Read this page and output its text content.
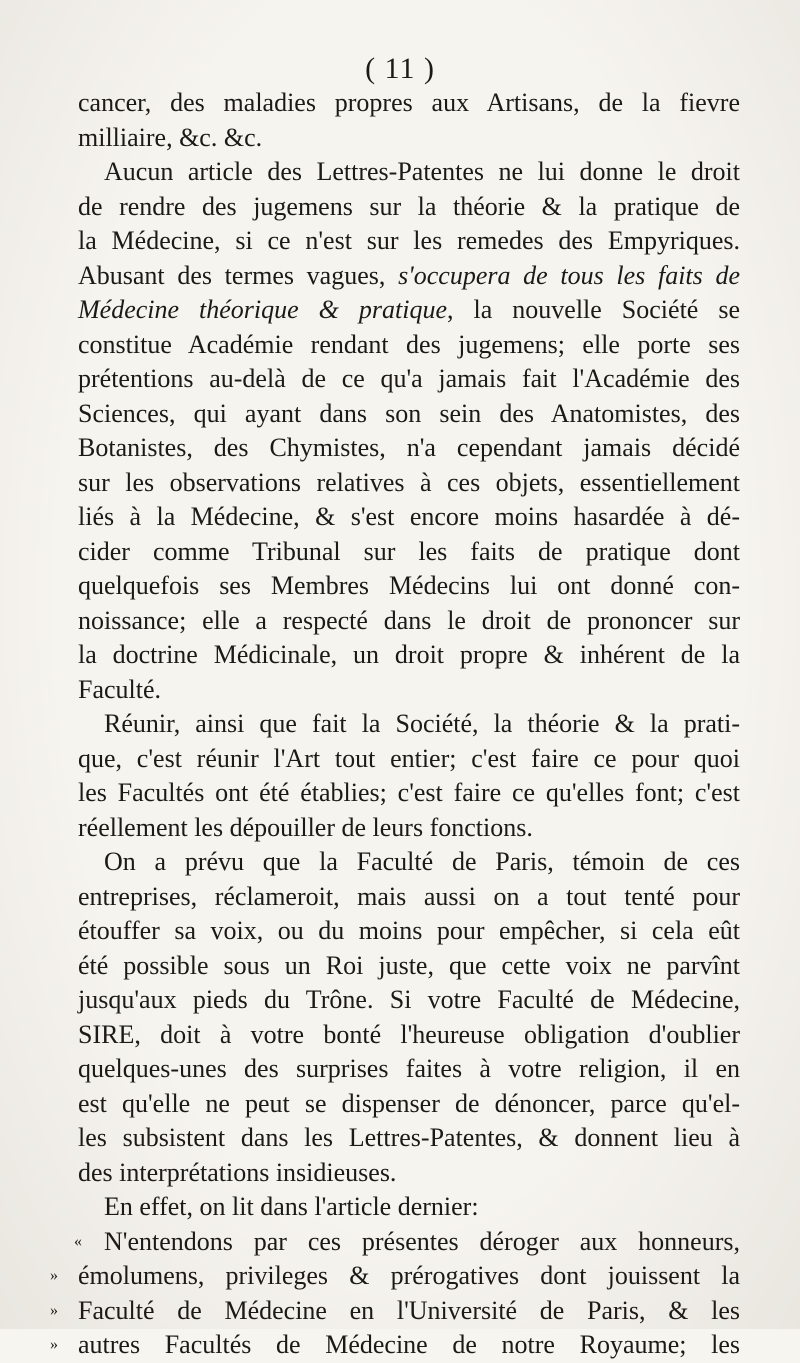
( 11 )
cancer, des maladies propres aux Artisans, de la fievre
milliaire, &c. &c.
Aucun article des Lettres-Patentes ne lui donne le droit
de rendre des jugemens sur la théorie & la pratique de
la Médecine, si ce n'est sur les remedes des Empyriques.
Abusant des termes vagues, s'occupera de tous les faits de
Médecine théorique & pratique, la nouvelle Société se
constitue Académie rendant des jugemens; elle porte ses
prétentions au-delà de ce qu'a jamais fait l'Académie des
Sciences, qui ayant dans son sein des Anatomistes, des
Botanistes, des Chymistes, n'a cependant jamais décidé
sur les observations relatives à ces objets, essentiellement
liés à la Médecine, & s'est encore moins hasardée à dé-
cider comme Tribunal sur les faits de pratique dont
quelquefois ses Membres Médecins lui ont donné con-
noissance; elle a respecté dans le droit de prononcer sur
la doctrine Médicinale, un droit propre & inhérent de la
Faculté.
Réunir, ainsi que fait la Société, la théorie & la prati-
que, c'est réunir l'Art tout entier; c'est faire ce pour quoi
les Facultés ont été établies; c'est faire ce qu'elles font; c'est
réellement les dépouiller de leurs fonctions.
On a prévu que la Faculté de Paris, témoin de ces
entreprises, réclameroit, mais aussi on a tout tenté pour
étouffer sa voix, ou du moins pour empêcher, si cela eût
été possible sous un Roi juste, que cette voix ne parvînt
jusqu'aux pieds du Trône. Si votre Faculté de Médecine,
SIRE, doit à votre bonté l'heureuse obligation d'oublier
quelques-unes des surprises faites à votre religion, il en
est qu'elle ne peut se dispenser de dénoncer, parce qu'el-
les subsistent dans les Lettres-Patentes, & donnent lieu à
des interprétations insidieuses.
En effet, on lit dans l'article dernier:
« N'entendons par ces présentes déroger aux honneurs,
» émolumens, privileges & prérogatives dont jouissent la
» Faculté de Médecine en l'Université de Paris, & les
» autres Facultés de Médecine de notre Royaume; les
